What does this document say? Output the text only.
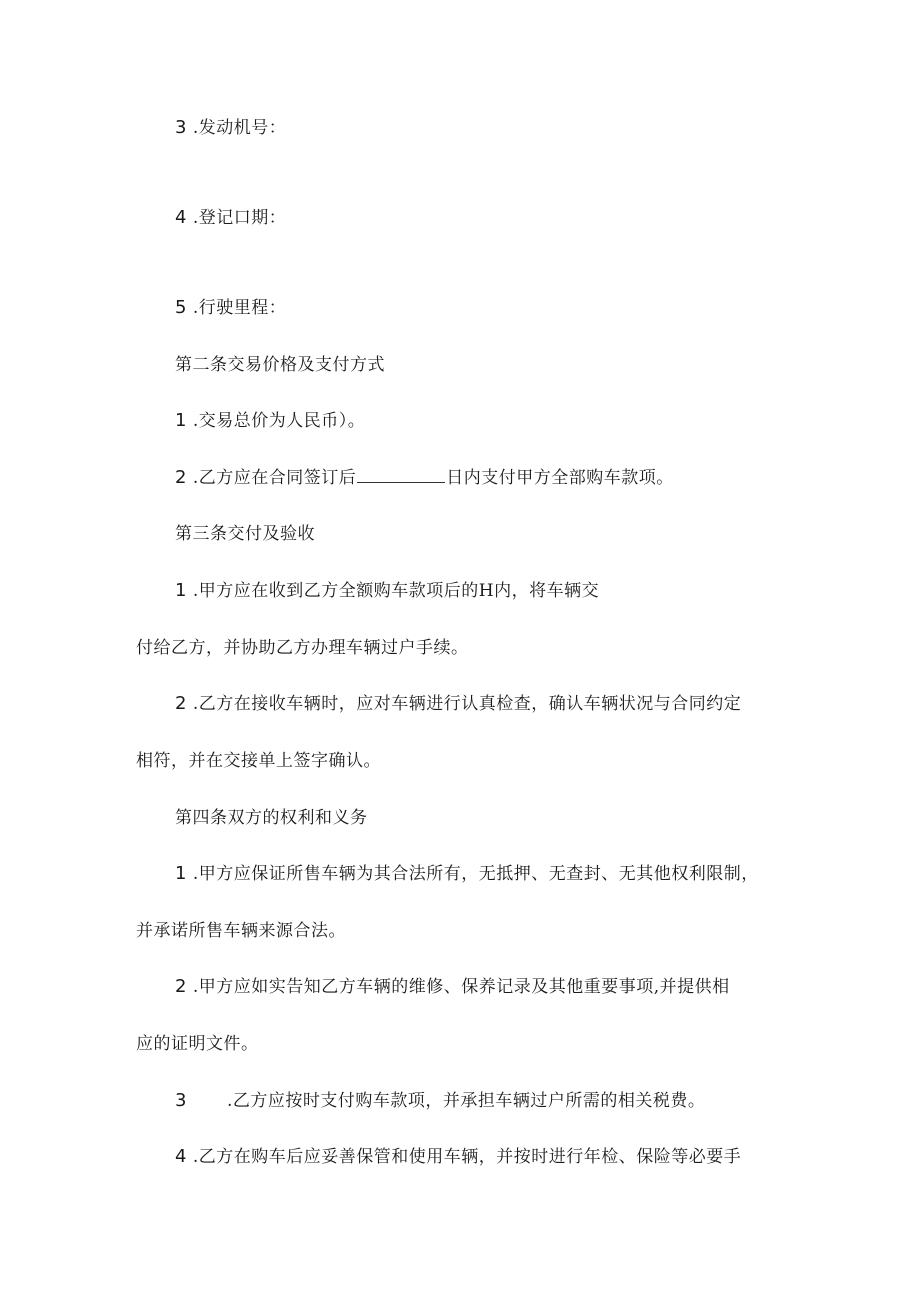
3 .发动机号：
4 .登记口期：
5 .行驶里程：
第二条交易价格及支付方式
1 .交易总价为人民币）。
2 .乙方应在合同签订后	日内支付甲方全部购车款项。
第三条交付及验收
1 .甲方应在收到乙方全额购车款项后的H内，将车辆交
付给乙方，并协助乙方办理车辆过户手续。
2 .乙方在接收车辆时，应对车辆进行认真检查，确认车辆状况与合同约定
相符，并在交接单上签字确认。
第四条双方的权利和义务
1 .甲方应保证所售车辆为其合法所有，无抵押、无查封、无其他权利限制，
并承诺所售车辆来源合法。
2 .甲方应如实告知乙方车辆的维修、保养记录及其他重要事项,并提供相
应的证明文件。
3 .乙方应按时支付购车款项，并承担车辆过户所需的相关税费。
4 .乙方在购车后应妥善保管和使用车辆，并按时进行年检、保险等必要手
